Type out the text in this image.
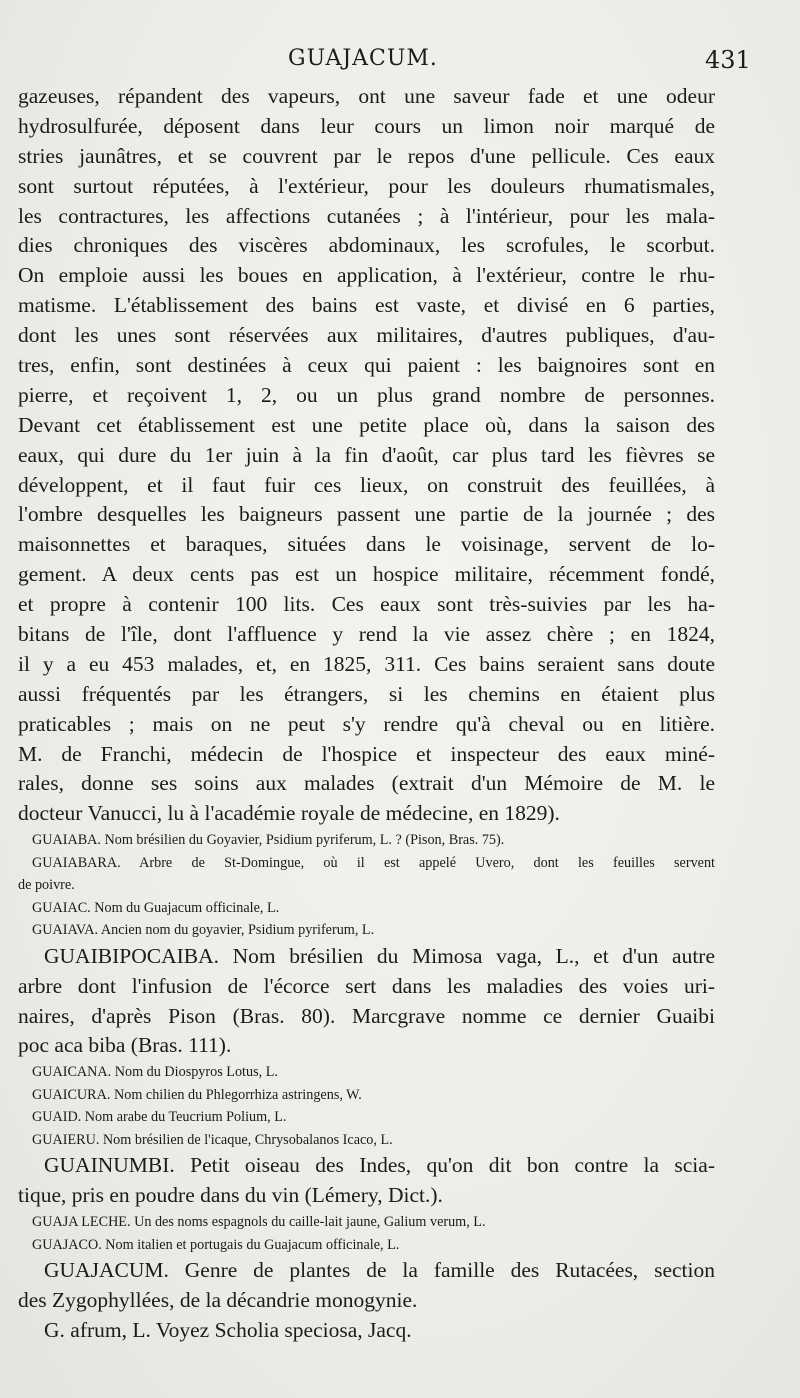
GUAJACUM.	431
gazeuses, répandent des vapeurs, ont une saveur fade et une odeur
hydrosulfurée, déposent dans leur cours un limon noir marqué de
stries jaunâtres, et se couvrent par le repos d'une pellicule. Ces eaux
sont surtout réputées, à l'extérieur, pour les douleurs rhumatismales,
les contractures, les affections cutanées ; à l'intérieur, pour les mala-
dies chroniques des viscères abdominaux, les scrofules, le scorbut.
On emploie aussi les boues en application, à l'extérieur, contre le rhu-
matisme. L'établissement des bains est vaste, et divisé en 6 parties,
dont les unes sont réservées aux militaires, d'autres publiques, d'au-
tres, enfin, sont destinées à ceux qui paient : les baignoires sont en
pierre, et reçoivent 1, 2, ou un plus grand nombre de personnes.
Devant cet établissement est une petite place où, dans la saison des
eaux, qui dure du 1er juin à la fin d'août, car plus tard les fièvres se
développent, et il faut fuir ces lieux, on construit des feuillées, à
l'ombre desquelles les baigneurs passent une partie de la journée ; des
maisonnettes et baraques, situées dans le voisinage, servent de lo-
gement. A deux cents pas est un hospice militaire, récemment fondé,
et propre à contenir 100 lits. Ces eaux sont très-suivies par les ha-
bitans de l'île, dont l'affluence y rend la vie assez chère ; en 1824,
il y a eu 453 malades, et, en 1825, 311. Ces bains seraient sans doute
aussi fréquentés par les étrangers, si les chemins en étaient plus
praticables ; mais on ne peut s'y rendre qu'à cheval ou en litière.
M. de Franchi, médecin de l'hospice et inspecteur des eaux miné-
rales, donne ses soins aux malades (extrait d'un Mémoire de M. le
docteur Vanucci, lu à l'académie royale de médecine, en 1829).
GUAIABA. Nom brésilien du Goyavier, Psidium pyriferum, L. ? (Pison, Bras. 75).
GUAIABARA. Arbre de St-Domingue, où il est appelé Uvero, dont les feuilles servent
de poivre.
GUAIAC. Nom du Guajacum officinale, L.
GUAIAVA. Ancien nom du goyavier, Psidium pyriferum, L.
GUAIBIPOCAIBA. Nom brésilien du Mimosa vaga, L., et d'un autre
arbre dont l'infusion de l'écorce sert dans les maladies des voies uri-
naires, d'après Pison (Bras. 80). Marcgrave nomme ce dernier Guaibi
poc aca biba (Bras. 111).
GUAICANA. Nom du Diospyros Lotus, L.
GUAICURA. Nom chilien du Phlegorrhiza astringens, W.
GUAID. Nom arabe du Teucrium Polium, L.
GUAIERU. Nom brésilien de l'icaque, Chrysobalanos Icaco, L.
GUAINUMBI. Petit oiseau des Indes, qu'on dit bon contre la scia-
tique, pris en poudre dans du vin (Lémery, Dict.).
GUAJA LECHE. Un des noms espagnols du caille-lait jaune, Galium verum, L.
GUAJACO. Nom italien et portugais du Guajacum officinale, L.
GUAJACUM. Genre de plantes de la famille des Rutacées, section
des Zygophyllées, de la décandrie monogynie.
G. afrum, L. Voyez Scholia speciosa, Jacq.
